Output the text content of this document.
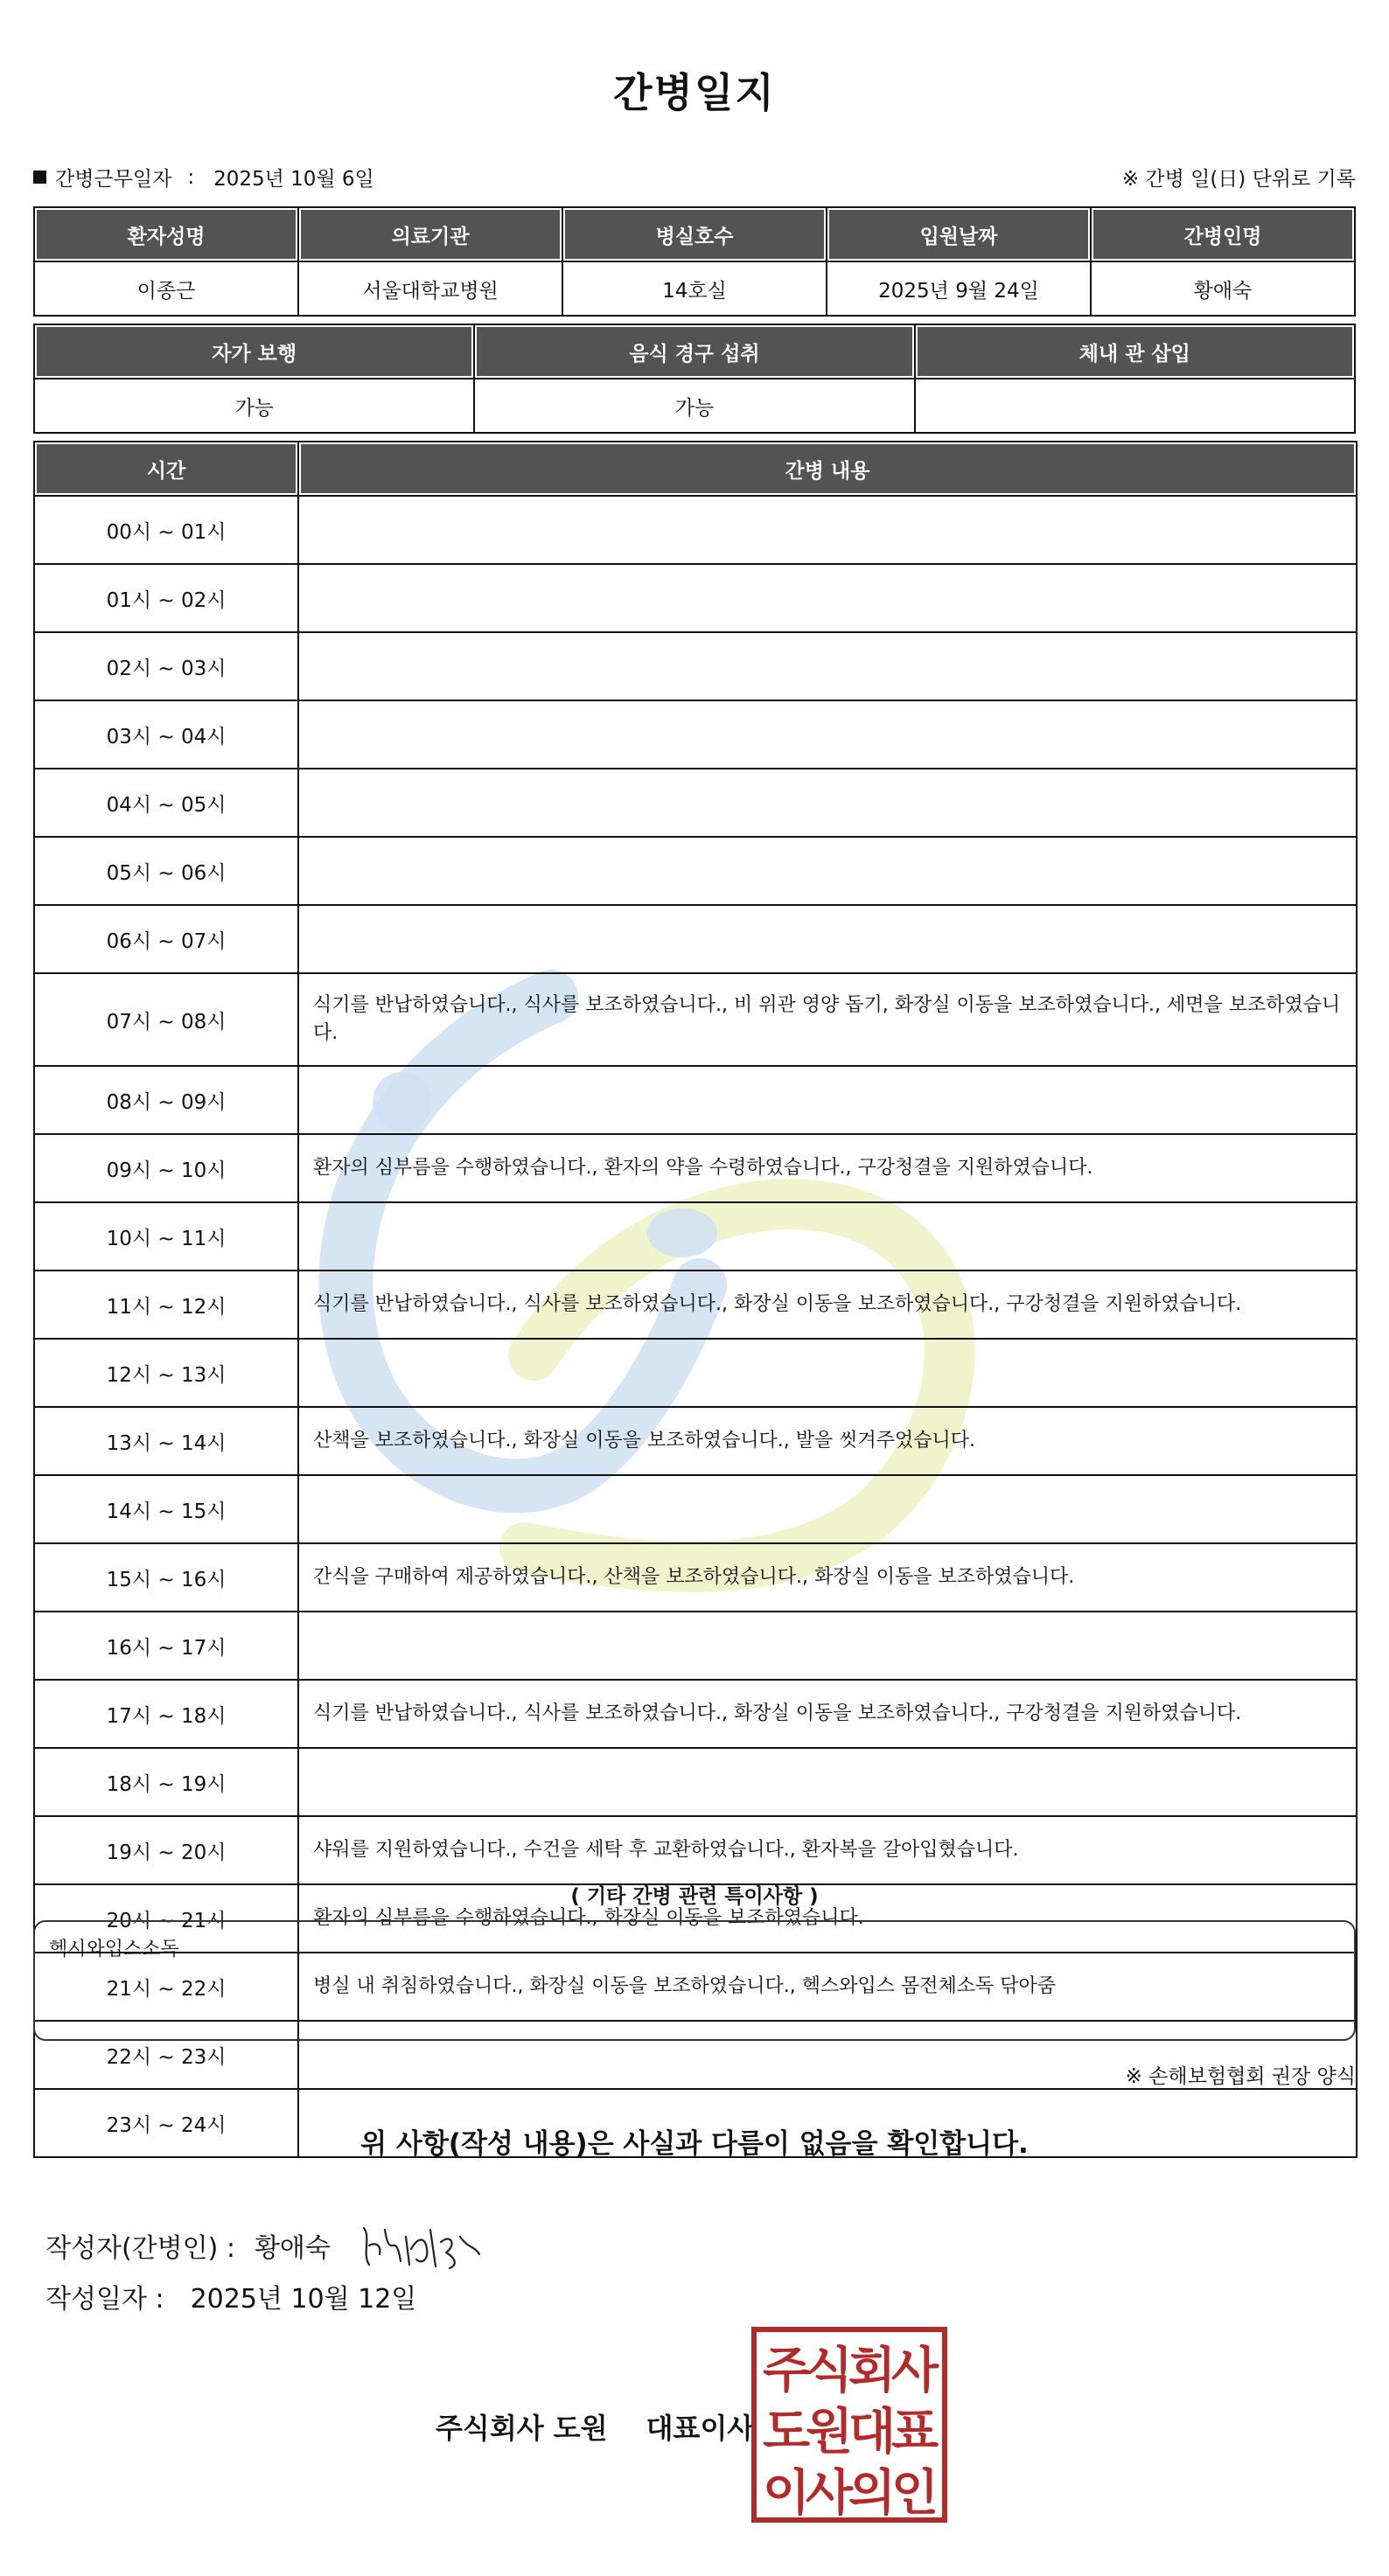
간병일지
간병근무일자 : 2025년 10월 6일	※ 간병 일(日) 단위로 기록
환자성명	의료기관	병실호수	입원날짜	간병인명
이종근	서울대학교병원	14호실	2025년 9월 24일	황애숙
자가 보행	음식 경구 섭취	체내 관 삽입
가능	가능	
시간	간병 내용
00시 ~ 01시	
01시 ~ 02시	
02시 ~ 03시	
03시 ~ 04시	
04시 ~ 05시	
05시 ~ 06시	
06시 ~ 07시	
07시 ~ 08시	식기를 반납하였습니다., 식사를 보조하였습니다., 비 위관 영양 돕기, 화장실 이동을 보조하였습니다., 세면을 보조하였습니다.
08시 ~ 09시	
09시 ~ 10시	환자의 심부름을 수행하였습니다., 환자의 약을 수령하였습니다., 구강청결을 지원하였습니다.
10시 ~ 11시	
11시 ~ 12시	식기를 반납하였습니다., 식사를 보조하였습니다., 화장실 이동을 보조하였습니다., 구강청결을 지원하였습니다.
12시 ~ 13시	
13시 ~ 14시	산책을 보조하였습니다., 화장실 이동을 보조하였습니다., 발을 씻겨주었습니다.
14시 ~ 15시	
15시 ~ 16시	간식을 구매하여 제공하였습니다., 산책을 보조하였습니다., 화장실 이동을 보조하였습니다.
16시 ~ 17시	
17시 ~ 18시	식기를 반납하였습니다., 식사를 보조하였습니다., 화장실 이동을 보조하였습니다., 구강청결을 지원하였습니다.
18시 ~ 19시	
19시 ~ 20시	샤워를 지원하였습니다., 수건을 세탁 후 교환하였습니다., 환자복을 갈아입혔습니다.
20시 ~ 21시	환자의 심부름을 수행하였습니다., 화장실 이동을 보조하였습니다.
21시 ~ 22시	병실 내 취침하였습니다., 화장실 이동을 보조하였습니다., 헥스와입스 몸전체소독 닦아줌
22시 ~ 23시	
23시 ~ 24시	
( 기타 간병 관련 특이사항 )
헥시와입스소독
※ 손해보험협회 권장 양식
위 사항(작성 내용)은 사실과 다름이 없음을 확인합니다.
작성자(간병인) : 황애숙
작성일자 : 2025년 10월 12일
주식회사 도원 대표이사
주
식
회
사
도
원
대
표
이
사
의
인
